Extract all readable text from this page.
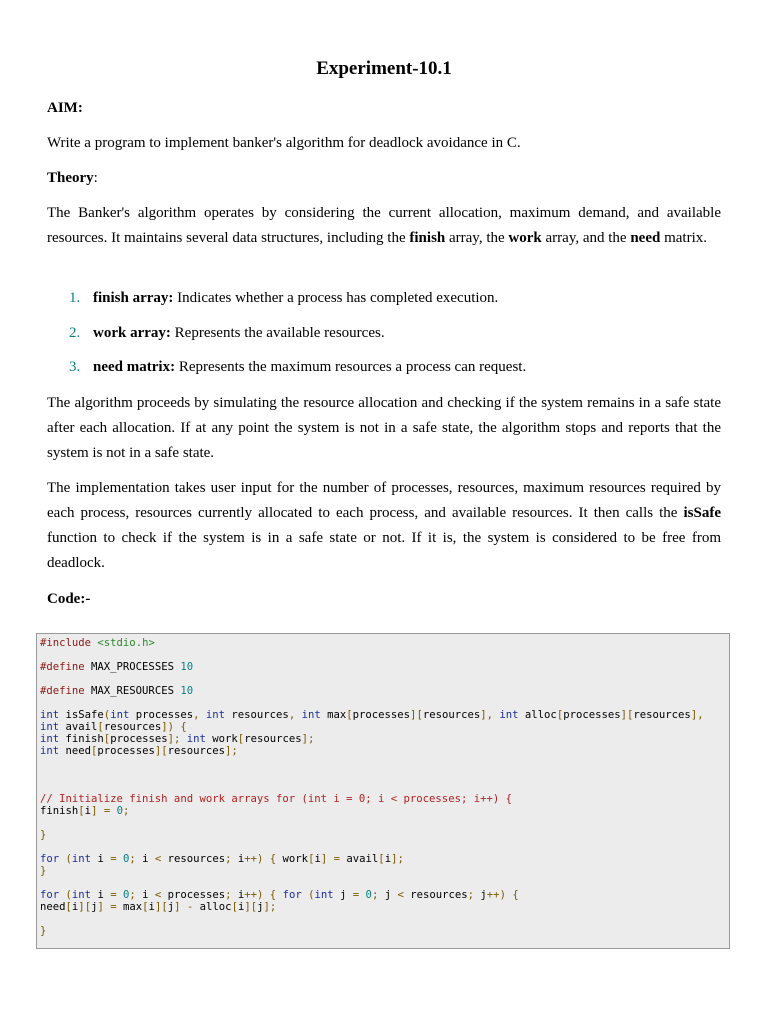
Experiment-10.1
AIM:
Write a program to implement banker's algorithm for deadlock avoidance in C.
Theory:
The Banker's algorithm operates by considering the current allocation, maximum demand, and available resources. It maintains several data structures, including the finish array, the work array, and the need matrix.
1. finish array: Indicates whether a process has completed execution.
2. work array: Represents the available resources.
3. need matrix: Represents the maximum resources a process can request.
The algorithm proceeds by simulating the resource allocation and checking if the system remains in a safe state after each allocation. If at any point the system is not in a safe state, the algorithm stops and reports that the system is not in a safe state.
The implementation takes user input for the number of processes, resources, maximum resources required by each process, resources currently allocated to each process, and available resources. It then calls the isSafe function to check if the system is in a safe state or not. If it is, the system is considered to be free from deadlock.
Code:-
#include <stdio.h>
#define MAX_PROCESSES 10
#define MAX_RESOURCES 10
int isSafe(int processes, int resources, int max[processes][resources], int alloc[processes][resources],
int avail[resources]) {
int finish[processes]; int work[resources];
int need[processes][resources];
// Initialize finish and work arrays for (int i = 0; i < processes; i++) {
finish[i] = 0;
}
for (int i = 0; i < resources; i++) { work[i] = avail[i];
}
for (int i = 0; i < processes; i++) { for (int j = 0; j < resources; j++) {
need[i][j] = max[i][j] - alloc[i][j];
}
